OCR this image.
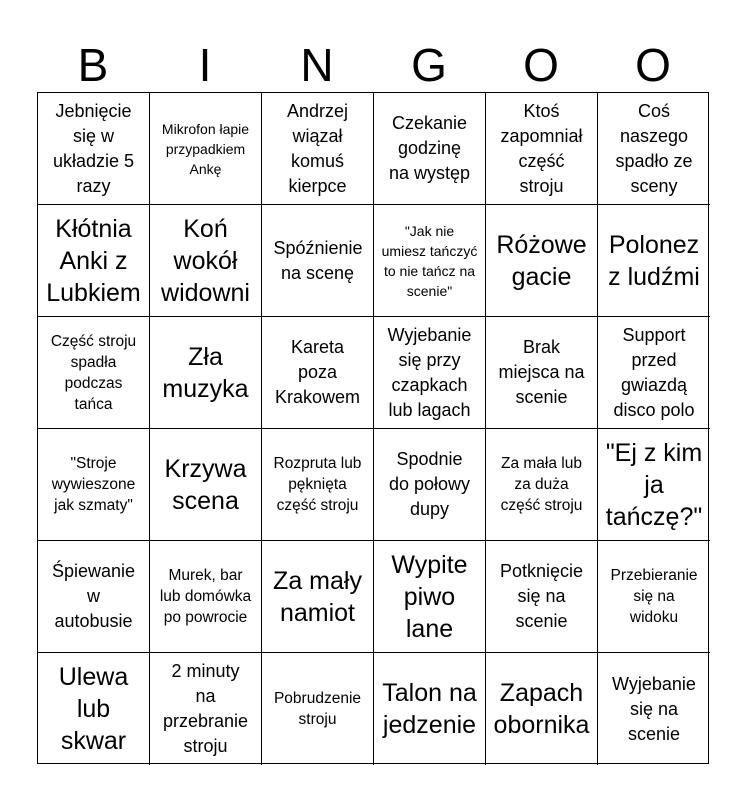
B	I	N	G	O	O
Jebnięcie się w układzie 5 razy
Mikrofon łapie przypadkiem Ankę
Andrzej wiązał komuś kierpce
Czekanie godzinę na występ
Ktoś zapomniał część stroju
Coś naszego spadło ze sceny
Kłótnia Anki z Lubkiem
Koń wokół widowni
Spóźnienie na scenę
"Jak nie umiesz tańczyć to nie tańcz na scenie"
Różowe gacie
Polonez z ludźmi
Część stroju spadła podczas tańca
Zła muzyka
Kareta poza Krakowem
Wyjebanie się przy czapkach lub lagach
Brak miejsca na scenie
Support przed gwiazdą disco polo
"Stroje wywieszone jak szmaty"
Krzywa scena
Rozpruta lub pęknięta część stroju
Spodnie do połowy dupy
Za mała lub za duża część stroju
"Ej z kim ja tańczę?"
Śpiewanie w autobusie
Murek, bar lub domówka po powrocie
Za mały namiot
Wypite piwo lane
Potknięcie się na scenie
Przebieranie się na widoku
Ulewa lub skwar
2 minuty na przebranie stroju
Pobrudzenie stroju
Talon na jedzenie
Zapach obornika
Wyjebanie się na scenie
